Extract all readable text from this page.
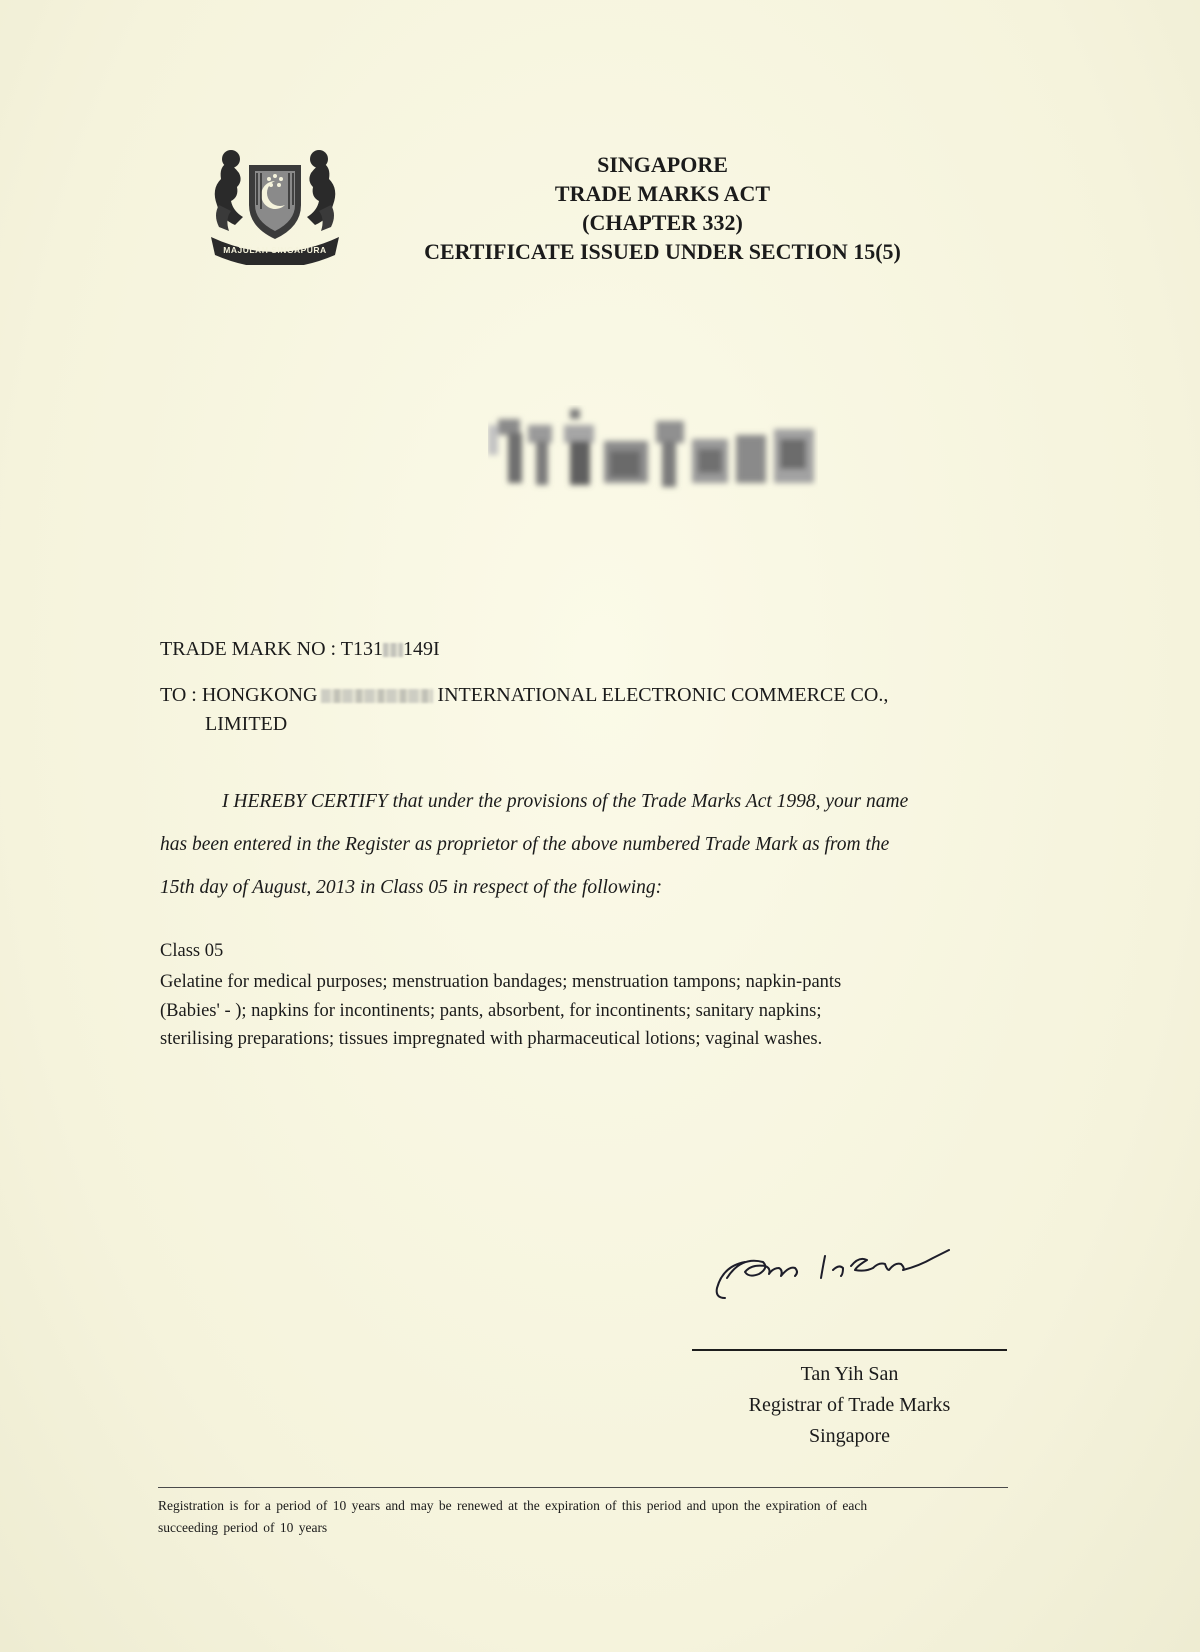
MAJULAH SINGAPURA
SINGAPORE
TRADE MARKS ACT
(CHAPTER 332)
CERTIFICATE ISSUED UNDER SECTION 15(5)
TRADE MARK NO : T131 149I
TO : HONGKONG	INTERNATIONAL ELECTRONIC COMMERCE CO.,
LIMITED

I HEREBY CERTIFY that under the provisions of the Trade Marks Act 1998, your name

has been entered in the Register as proprietor of the above numbered Trade Mark as from the

15th day of August, 2013 in Class 05 in respect of the following:

Class 05
Gelatine for medical purposes; menstruation bandages; menstruation tampons; napkin-pants
(Babies' - ); napkins for incontinents; pants, absorbent, for incontinents; sanitary napkins;
sterilising preparations; tissues impregnated with pharmaceutical lotions; vaginal washes.
Tan Yih San
Registrar of Trade Marks
Singapore
Registration is for a period of 10 years and may be renewed at the expiration of this period and upon the expiration of each
succeeding period of 10 years
